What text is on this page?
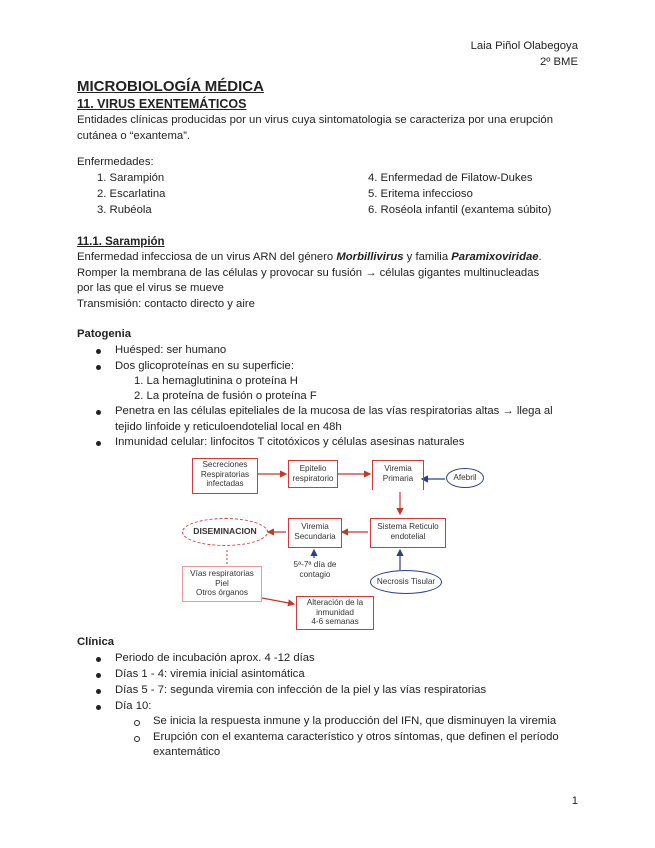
Laia Piñol Olabegoya
2º BME
MICROBIOLOGÍA MÉDICA
11. VIRUS EXENTEMÁTICOS
Entidades clínicas producidas por un virus cuya sintomatologia se caracteriza por una erupción
cutánea o “exantema”.
Enfermedades:
1. Sarampión
2. Escarlatina
3. Rubéola
4. Enfermedad de Filatow-Dukes
5. Eritema infeccioso
6. Roséola infantil (exantema súbito)
11.1. Sarampión
Enfermedad infecciosa de un virus ARN del género Morbillivirus y familia Paramixoviridae.
Romper la membrana de las células y provocar su fusión → células gigantes multinucleadas
por las que el virus se mueve
Transmisión: contacto directo y aire
Patogenia
Huésped: ser humano
Dos glicoproteínas en su superficie:
1. La hemaglutinina o proteína H
2. La proteína de fusión o proteína F
Penetra en las células epiteliales de la mucosa de las vías respiratorias altas → llega al
tejido linfoide y reticuloendotelial local en 48h
Inmunidad celular: linfocitos T citotóxicos y células asesinas naturales
Secreciones
Respiratorias
infectadas
Epitelio
respiratorio
Viremia
Primaria	Afebril
DISEMINACION	Viremia
Secundaria
Sistema Reticulo
endotelial
5ª-7ª día de
contagio
Necrosis Tisular
Vías respiratorias
Piel
Otros órganos
Alteración de la
inmunidad
4-6 semanas
Clínica
Periodo de incubación aprox. 4 -12 días
Días 1 - 4: viremia inicial asintomática
Días 5 - 7: segunda viremia con infección de la piel y las vías respiratorias
Día 10:
Se inicia la respuesta inmune y la producción del IFN, que disminuyen la viremia
Erupción con el exantema característico y otros síntomas, que definen el período
exantemático
1
